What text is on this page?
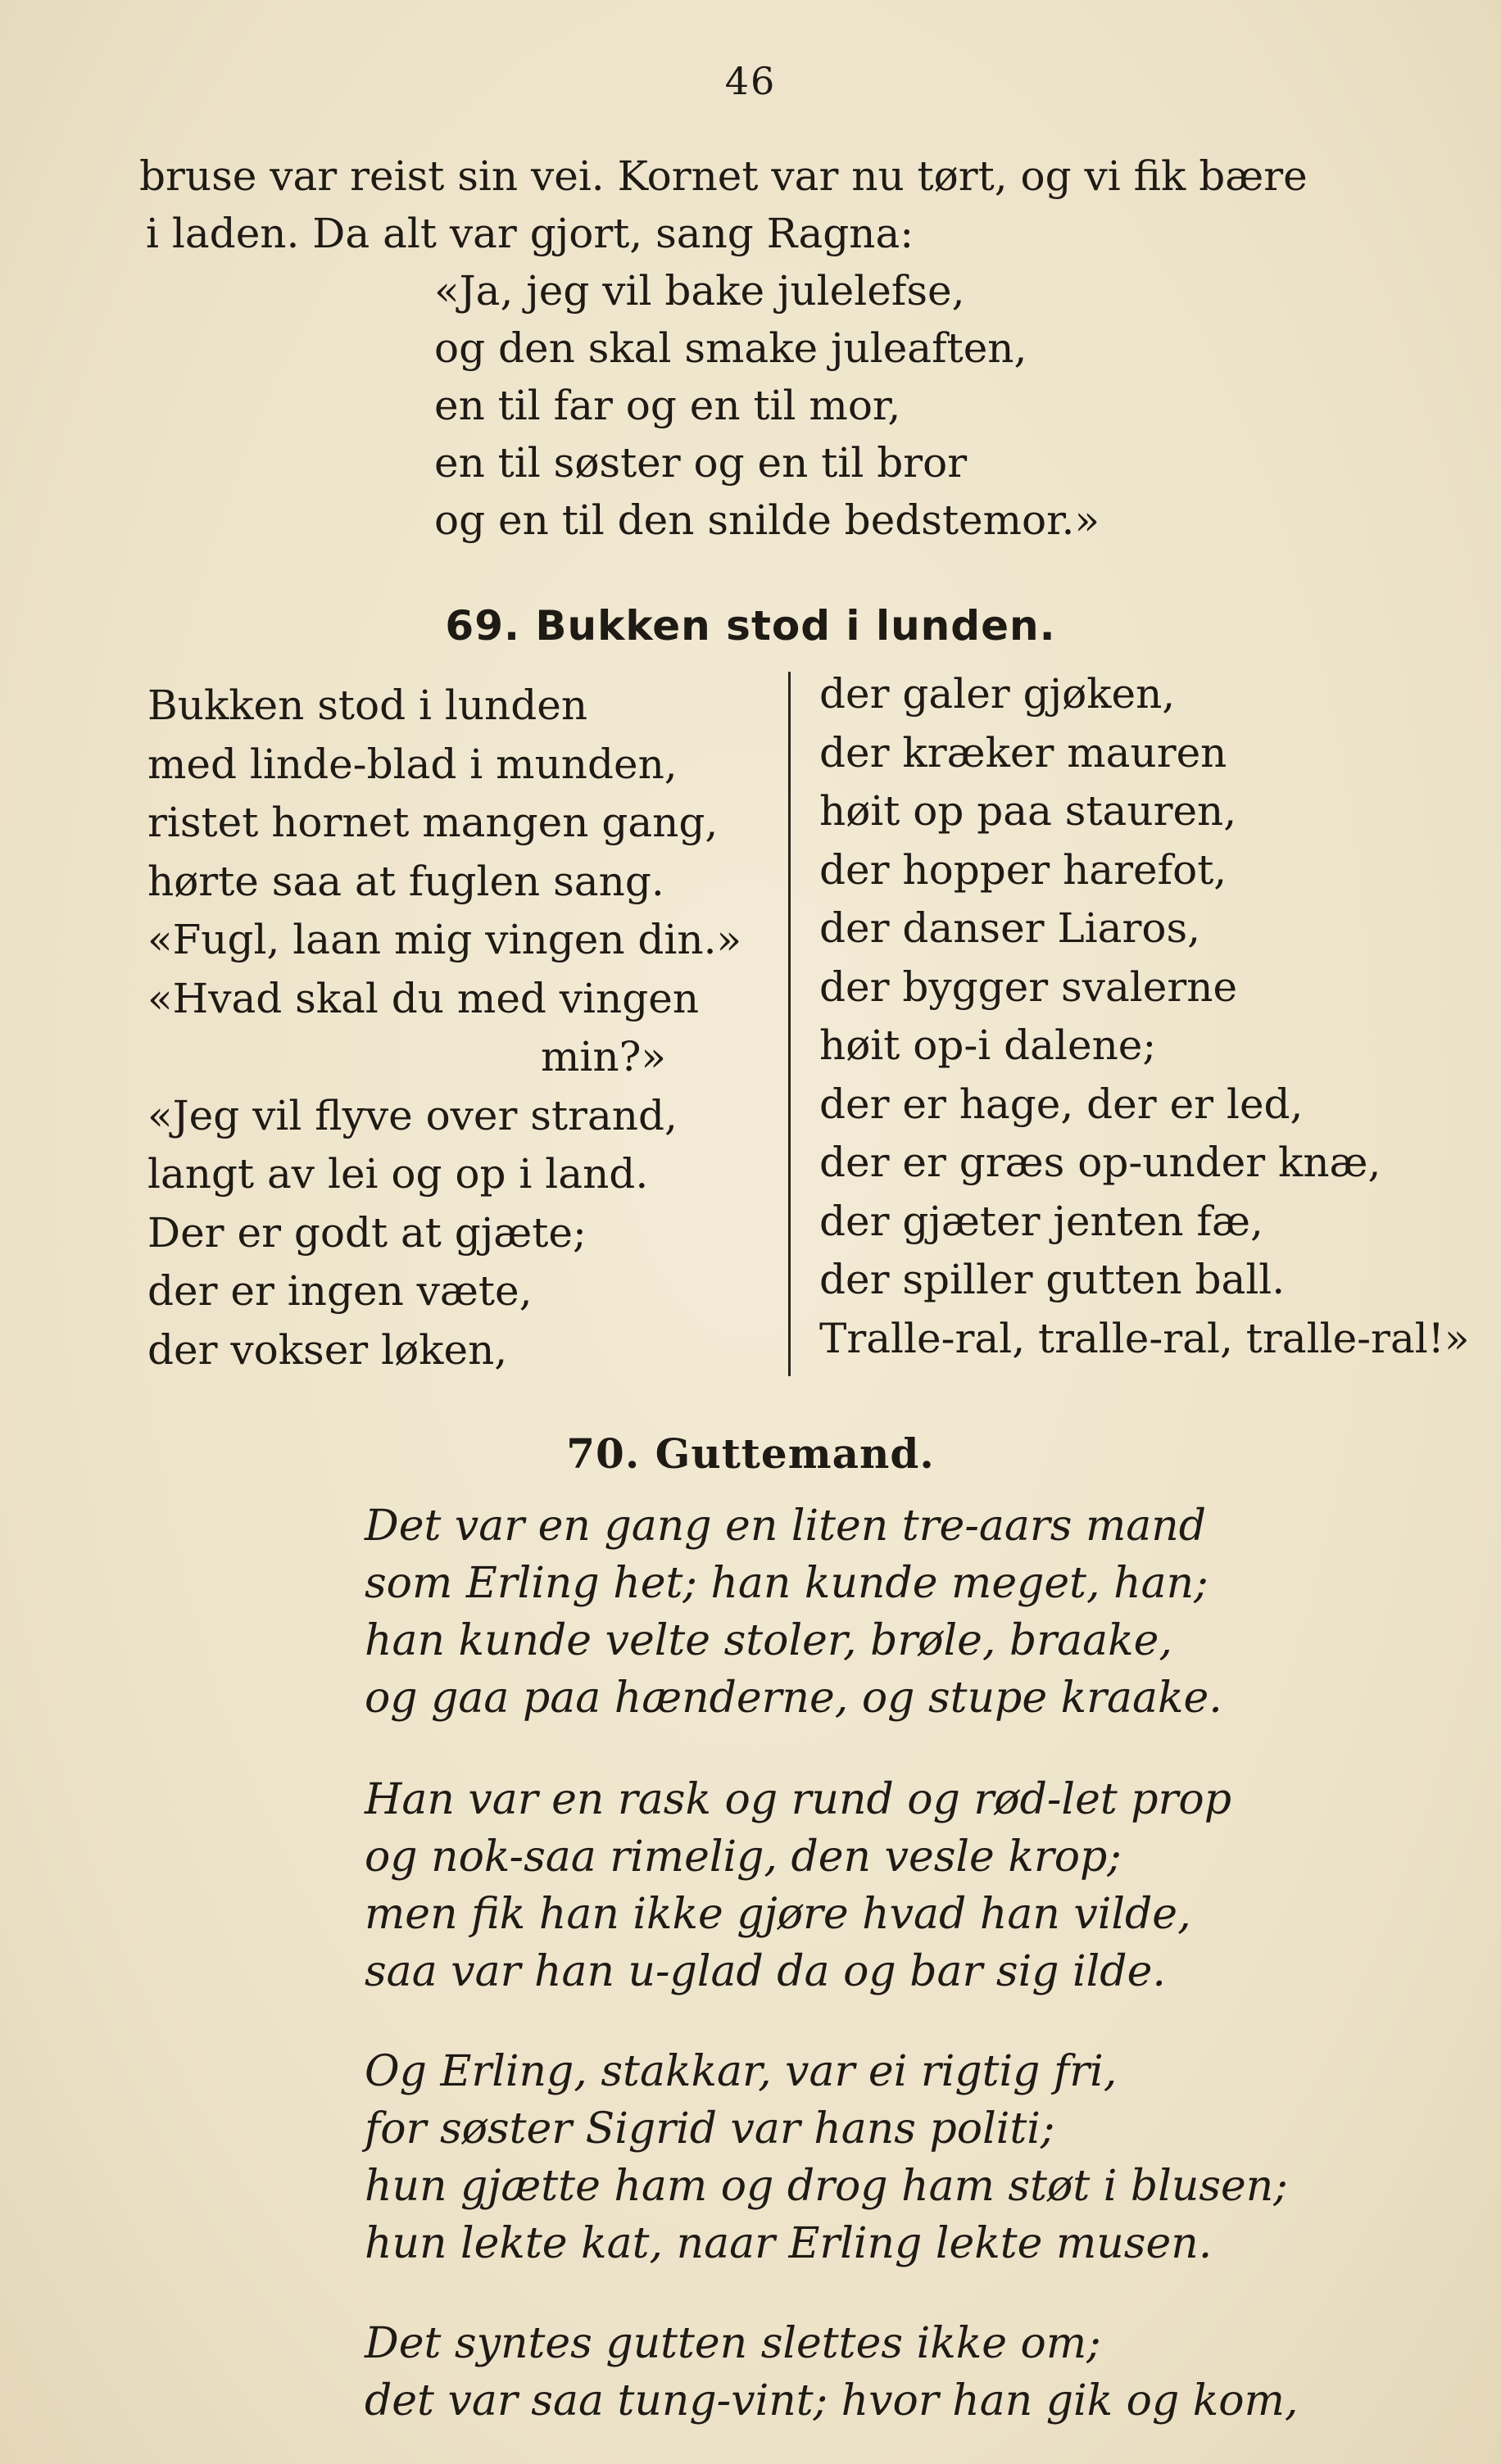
46
bruse var reist sin vei. Kornet var nu tørt, og vi fik bære
i laden. Da alt var gjort, sang Ragna:
«Ja, jeg vil bake julelefse,
og den skal smake juleaften,
en til far og en til mor,
en til søster og en til bror
og en til den snilde bedstemor.»
69. Bukken stod i lunden.
Bukken stod i lunden
med linde-blad i munden,
ristet hornet mangen gang,
hørte saa at fuglen sang.
«Fugl, laan mig vingen din.»
«Hvad skal du med vingen
min?»
«Jeg vil flyve over strand,
langt av lei og op i land.
Der er godt at gjæte;
der er ingen væte,
der vokser løken,
der galer gjøken,
der kræker mauren
høit op paa stauren,
der hopper harefot,
der danser Liaros,
der bygger svalerne
høit op-i dalene;
der er hage, der er led,
der er græs op-under knæ,
der gjæter jenten fæ,
der spiller gutten ball.
Tralle-ral, tralle-ral, tralle-ral!»
70. Guttemand.
Det var en gang en liten tre-aars mand
som Erling het; han kunde meget, han;
han kunde velte stoler, brøle, braake,
og gaa paa hænderne, og stupe kraake.
Han var en rask og rund og rød-let prop
og nok-saa rimelig, den vesle krop;
men fik han ikke gjøre hvad han vilde,
saa var han u-glad da og bar sig ilde.
Og Erling, stakkar, var ei rigtig fri,
for søster Sigrid var hans politi;
hun gjætte ham og drog ham støt i blusen;
hun lekte kat, naar Erling lekte musen.
Det syntes gutten slettes ikke om;
det var saa tung-vint; hvor han gik og kom,
